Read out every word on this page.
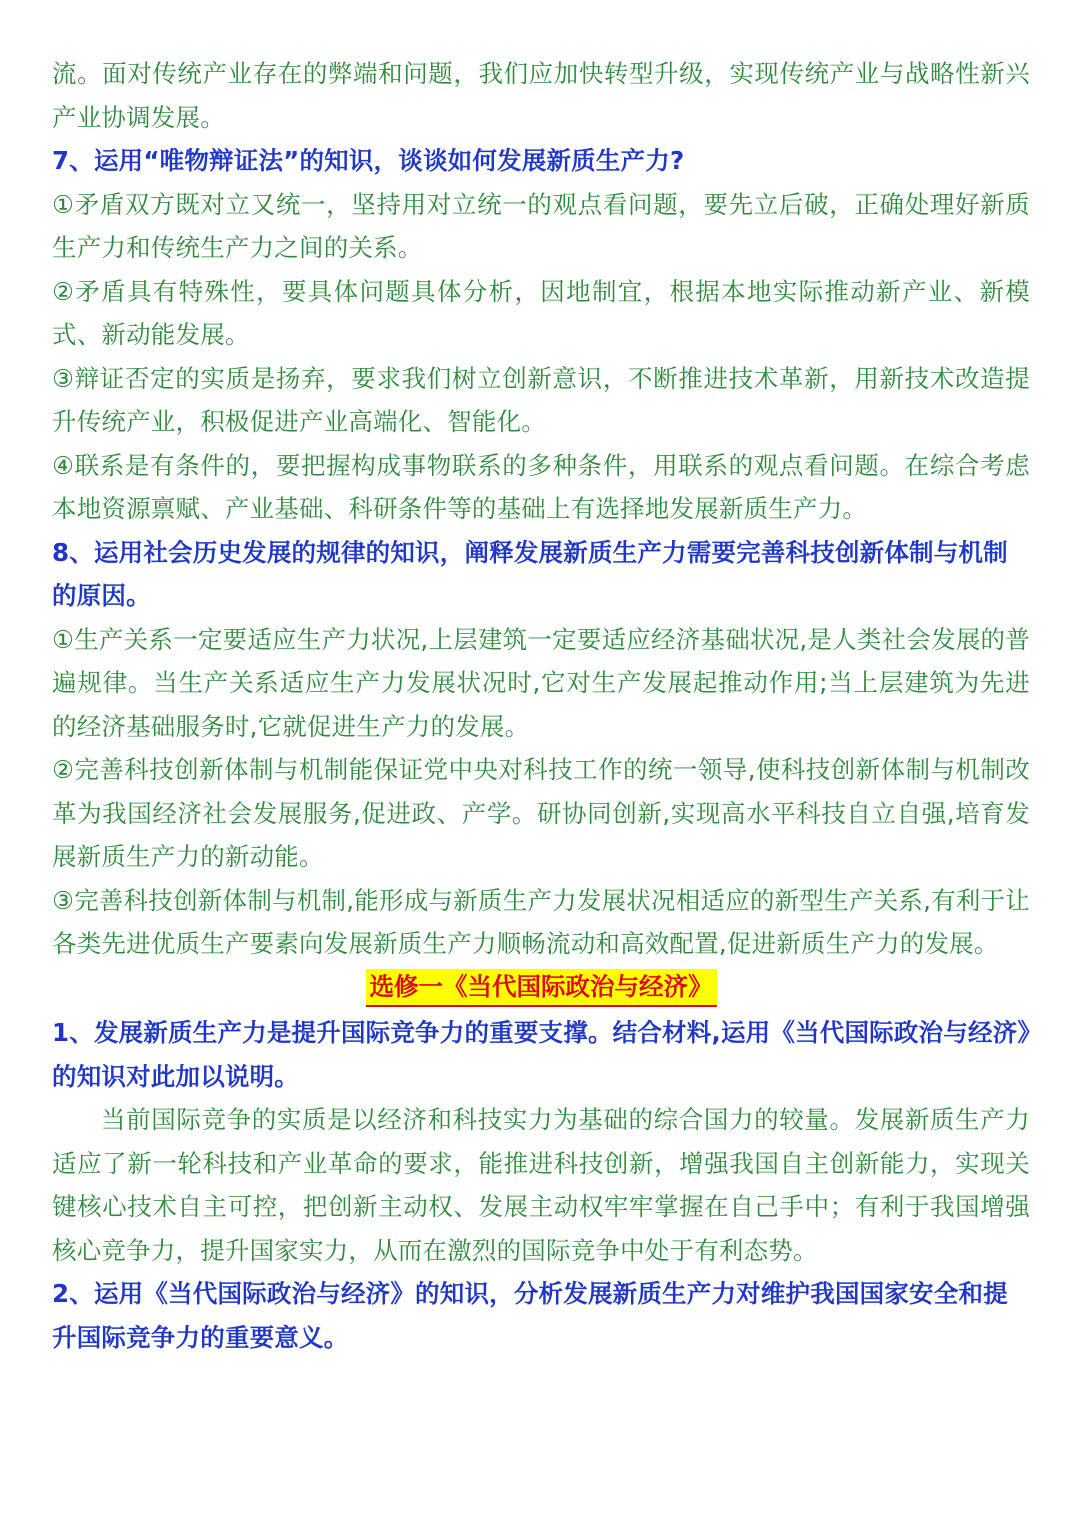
流。面对传统产业存在的弊端和问题，我们应加快转型升级，实现传统产业与战略性新兴产业协调发展。

7、运用“唯物辩证法”的知识，谈谈如何发展新质生产力?

①矛盾双方既对立又统一，坚持用对立统一的观点看问题，要先立后破，正确处理好新质生产力和传统生产力之间的关系。

②矛盾具有特殊性，要具体问题具体分析，因地制宜，根据本地实际推动新产业、新模式、新动能发展。

③辩证否定的实质是扬弃，要求我们树立创新意识，不断推进技术革新，用新技术改造提升传统产业，积极促进产业高端化、智能化。

④联系是有条件的，要把握构成事物联系的多种条件，用联系的观点看问题。在综合考虑本地资源禀赋、产业基础、科研条件等的基础上有选择地发展新质生产力。

8、运用社会历史发展的规律的知识，阐释发展新质生产力需要完善科技创新体制与机制的原因。

①生产关系一定要适应生产力状况,上层建筑一定要适应经济基础状况,是人类社会发展的普遍规律。当生产关系适应生产力发展状况时,它对生产发展起推动作用;当上层建筑为先进的经济基础服务时,它就促进生产力的发展。

②完善科技创新体制与机制能保证党中央对科技工作的统一领导,使科技创新体制与机制改革为我国经济社会发展服务,促进政、产学。研协同创新,实现高水平科技自立自强,培育发展新质生产力的新动能。

③完善科技创新体制与机制,能形成与新质生产力发展状况相适应的新型生产关系,有利于让各类先进优质生产要素向发展新质生产力顺畅流动和高效配置,促进新质生产力的发展。

选修一《当代国际政治与经济》

1、发展新质生产力是提升国际竞争力的重要支撑。结合材料,运用《当代国际政治与经济》的知识对此加以说明。

当前国际竞争的实质是以经济和科技实力为基础的综合国力的较量。发展新质生产力适应了新一轮科技和产业革命的要求，能推进科技创新，增强我国自主创新能力，实现关键核心技术自主可控，把创新主动权、发展主动权牢牢掌握在自己手中；有利于我国增强核心竞争力，提升国家实力，从而在激烈的国际竞争中处于有利态势。

2、运用《当代国际政治与经济》的知识，分析发展新质生产力对维护我国国家安全和提升国际竞争力的重要意义。
